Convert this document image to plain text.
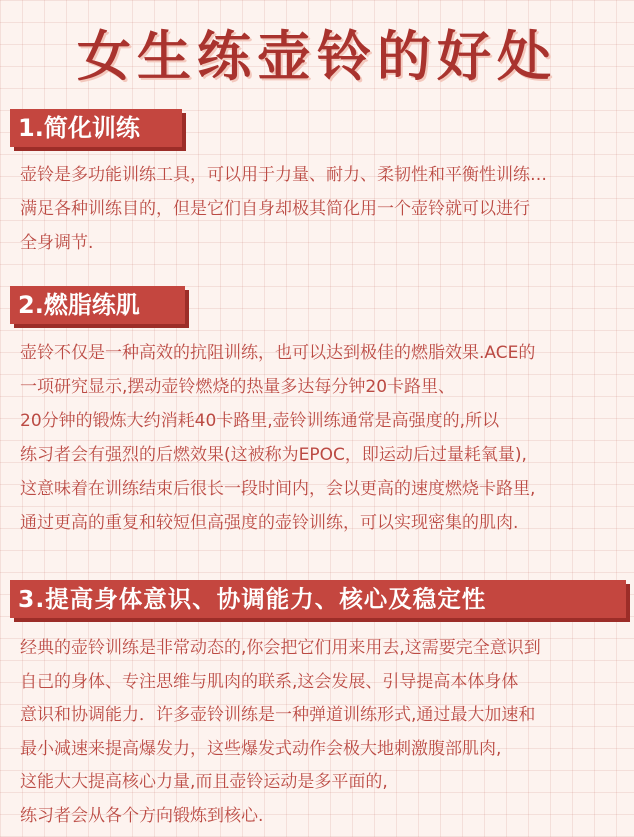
女生练壶铃的好处
1.简化训练
壶铃是多功能训练工具，可以用于力量、耐力、柔韧性和平衡性训练…
满足各种训练目的，但是它们自身却极其简化用一个壶铃就可以进行
全身调节.
2.燃脂练肌
壶铃不仅是一种高效的抗阻训练，也可以达到极佳的燃脂效果.ACE的
一项研究显示,摆动壶铃燃烧的热量多达每分钟20卡路里、
20分钟的锻炼大约消耗40卡路里,壶铃训练通常是高强度的,所以
练习者会有强烈的后燃效果(这被称为EPOC，即运动后过量耗氧量),
这意味着在训练结束后很长一段时间内，会以更高的速度燃烧卡路里,
通过更高的重复和较短但高强度的壶铃训练，可以实现密集的肌肉.
3.提高身体意识、协调能力、核心及稳定性
经典的壶铃训练是非常动态的,你会把它们用来用去,这需要完全意识到
自己的身体、专注思维与肌肉的联系,这会发展、引导提高本体身体
意识和协调能力．许多壶铃训练是一种弹道训练形式,通过最大加速和
最小减速来提高爆发力，这些爆发式动作会极大地刺激腹部肌肉,
这能大大提高核心力量,而且壶铃运动是多平面的,
练习者会从各个方向锻炼到核心.
